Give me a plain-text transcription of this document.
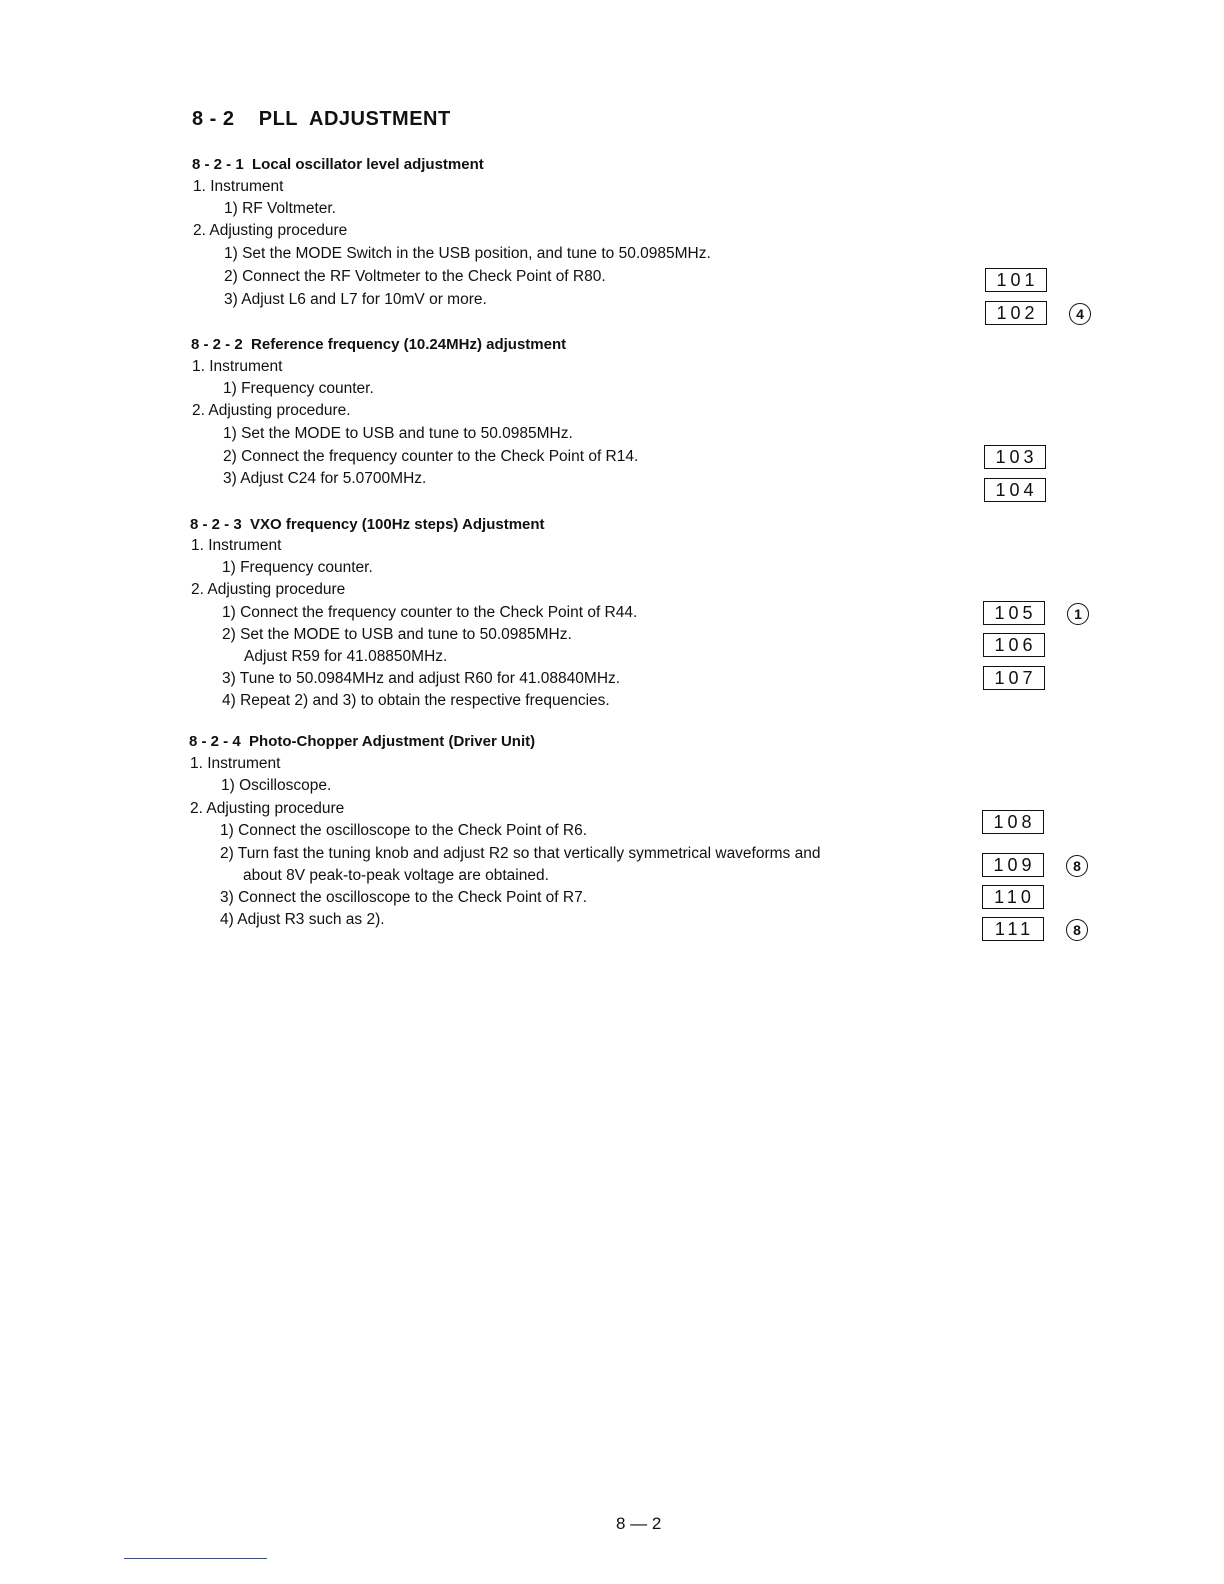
8 - 2    PLL  ADJUSTMENT
8 - 2 - 1  Local oscillator level adjustment
1. Instrument
1) RF Voltmeter.
2. Adjusting procedure
1) Set the MODE Switch in the USB position, and tune to 50.0985MHz.
2) Connect the RF Voltmeter to the Check Point of R80.
3) Adjust L6 and L7 for 10mV or more.
8 - 2 - 2  Reference frequency (10.24MHz) adjustment
1. Instrument
1) Frequency counter.
2. Adjusting procedure.
1) Set the MODE to USB and tune to 50.0985MHz.
2) Connect the frequency counter to the Check Point of R14.
3) Adjust C24 for 5.0700MHz.
8 - 2 - 3  VXO frequency (100Hz steps) Adjustment
1. Instrument
1) Frequency counter.
2. Adjusting procedure
1) Connect the frequency counter to the Check Point of R44.
2) Set the MODE to USB and tune to 50.0985MHz.
Adjust R59 for 41.08850MHz.
3) Tune to 50.0984MHz and adjust R60 for 41.08840MHz.
4) Repeat 2) and 3) to obtain the respective frequencies.
8 - 2 - 4  Photo-Chopper Adjustment (Driver Unit)
1. Instrument
1) Oscilloscope.
2. Adjusting procedure
1) Connect the oscilloscope to the Check Point of R6.
2) Turn fast the tuning knob and adjust R2 so that vertically symmetrical waveforms and
about 8V peak-to-peak voltage are obtained.
3) Connect the oscilloscope to the Check Point of R7.
4) Adjust R3 such as 2).
101
102
103
104
105
106
107
108
109
110
111
4
1
8
8
8 — 2
